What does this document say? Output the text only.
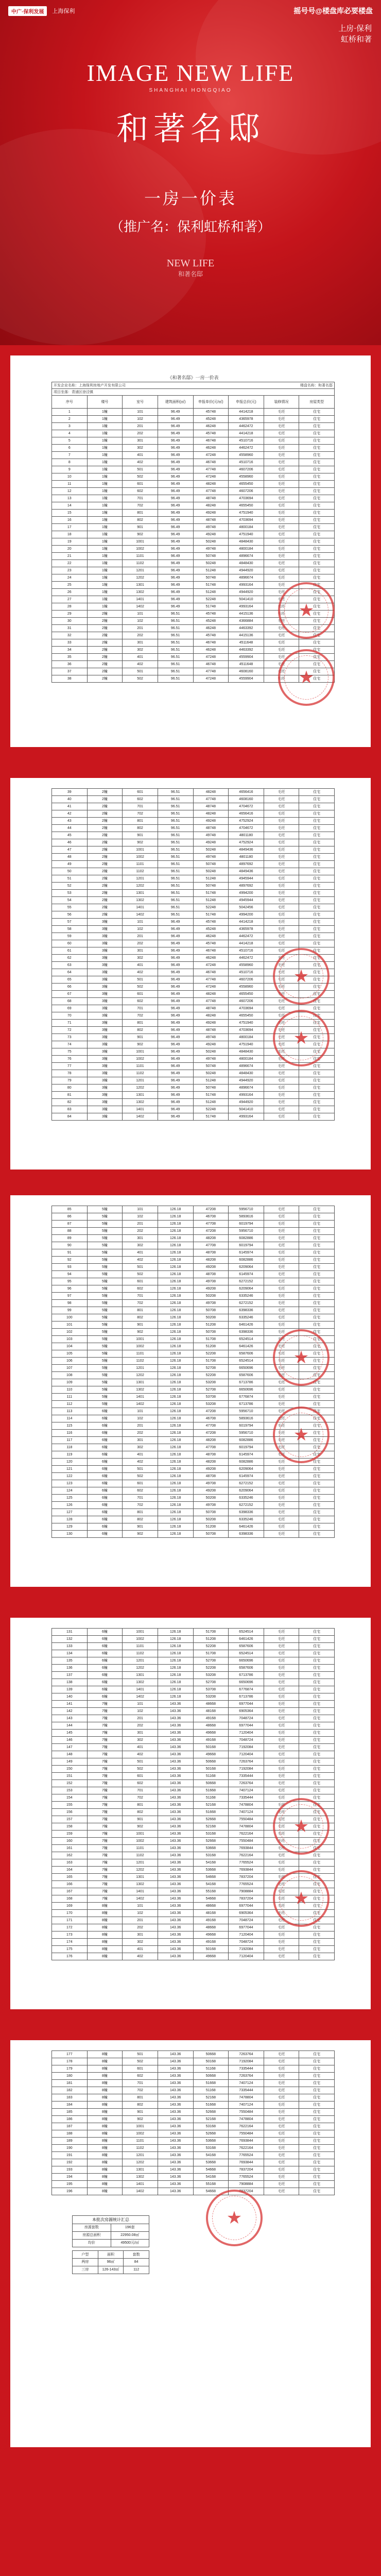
中广·保利发展	上海保利	摇号号@楼盘库必要楼盘
上房·保利
虹桥和著
IMAGE NEW LIFE
SHANGHAI HONGQIAO
和著名邸
一房一价表
（推广名：保利虹桥和著）
NEW LIFE
和著名邸
《和著名邸》一房一价表
开发企业名称：上海保利房地产开发有限公司	楼盘名称：和著名邸
项目坐落：青浦区徐泾镇
序号	楼号	室号	建筑面积(㎡)	申报单价(元/㎡)	申报总价(元)	装修情况	房屋类型
1	1幢	101	96.49	45748	4414218	毛坯	住宅
2	1幢	102	96.49	45248	4365978	毛坯	住宅
3	1幢	201	96.49	46248	4462472	毛坯	住宅
4	1幢	202	96.49	45748	4414218	毛坯	住宅
5	1幢	301	96.49	46748	4510716	毛坯	住宅
6	1幢	302	96.49	46248	4462472	毛坯	住宅
7	1幢	401	96.49	47248	4558960	毛坯	住宅
8	1幢	402	96.49	46748	4510716	毛坯	住宅
9	1幢	501	96.49	47748	4607206	毛坯	住宅
10	1幢	502	96.49	47248	4558960	毛坯	住宅
11	1幢	601	96.49	48248	4655450	毛坯	住宅
12	1幢	602	96.49	47748	4607206	毛坯	住宅
13	1幢	701	96.49	48748	4703694	毛坯	住宅
14	1幢	702	96.49	48248	4655450	毛坯	住宅
15	1幢	801	96.49	49248	4751940	毛坯	住宅
16	1幢	802	96.49	48748	4703694	毛坯	住宅
17	1幢	901	96.49	49748	4800184	毛坯	住宅
18	1幢	902	96.49	49248	4751940	毛坯	住宅
19	1幢	1001	96.49	50248	4848430	毛坯	住宅
20	1幢	1002	96.49	49748	4800184	毛坯	住宅
21	1幢	1101	96.49	50748	4896674	毛坯	住宅
22	1幢	1102	96.49	50248	4848430	毛坯	住宅
23	1幢	1201	96.49	51248	4944920	毛坯	住宅
24	1幢	1202	96.49	50748	4896674	毛坯	住宅
25	1幢	1301	96.49	51748	4993164	毛坯	住宅
26	1幢	1302	96.49	51248	4944920	毛坯	住宅
27	1幢	1401	96.49	52248	5041410	毛坯	住宅
28	1幢	1402	96.49	51748	4993164	毛坯	住宅
29	2幢	101	96.51	45748	4415136	毛坯	住宅
30	2幢	102	96.51	45248	4366884	毛坯	住宅
31	2幢	201	96.51	46248	4463392	毛坯	住宅
32	2幢	202	96.51	45748	4415136	毛坯	住宅
33	2幢	301	96.51	46748	4511648	毛坯	住宅
34	2幢	302	96.51	46248	4463392	毛坯	住宅
35	2幢	401	96.51	47248	4559904	毛坯	住宅
36	2幢	402	96.51	46748	4511648	毛坯	住宅
37	2幢	501	96.51	47748	4608160	毛坯	住宅
38	2幢	502	96.51	47248	4559904	毛坯	住宅
★
★
39	2幢	601	96.51	48248	4656416	毛坯	住宅
40	2幢	602	96.51	47748	4608160	毛坯	住宅
41	2幢	701	96.51	48748	4704672	毛坯	住宅
42	2幢	702	96.51	48248	4656416	毛坯	住宅
43	2幢	801	96.51	49248	4752924	毛坯	住宅
44	2幢	802	96.51	48748	4704672	毛坯	住宅
45	2幢	901	96.51	49748	4801180	毛坯	住宅
46	2幢	902	96.51	49248	4752924	毛坯	住宅
47	2幢	1001	96.51	50248	4849436	毛坯	住宅
48	2幢	1002	96.51	49748	4801180	毛坯	住宅
49	2幢	1101	96.51	50748	4897692	毛坯	住宅
50	2幢	1102	96.51	50248	4849436	毛坯	住宅
51	2幢	1201	96.51	51248	4945944	毛坯	住宅
52	2幢	1202	96.51	50748	4897692	毛坯	住宅
53	2幢	1301	96.51	51748	4994200	毛坯	住宅
54	2幢	1302	96.51	51248	4945944	毛坯	住宅
55	2幢	1401	96.51	52248	5042456	毛坯	住宅
56	2幢	1402	96.51	51748	4994200	毛坯	住宅
57	3幢	101	96.49	45748	4414218	毛坯	住宅
58	3幢	102	96.49	45248	4365978	毛坯	住宅
59	3幢	201	96.49	46248	4462472	毛坯	住宅
60	3幢	202	96.49	45748	4414218	毛坯	住宅
61	3幢	301	96.49	46748	4510716	毛坯	住宅
62	3幢	302	96.49	46248	4462472	毛坯	住宅
63	3幢	401	96.49	47248	4558960	毛坯	住宅
64	3幢	402	96.49	46748	4510716	毛坯	住宅
65	3幢	501	96.49	47748	4607206	毛坯	住宅
66	3幢	502	96.49	47248	4558960	毛坯	住宅
67	3幢	601	96.49	48248	4655450	毛坯	住宅
68	3幢	602	96.49	47748	4607206	毛坯	住宅
69	3幢	701	96.49	48748	4703694	毛坯	住宅
70	3幢	702	96.49	48248	4655450	毛坯	住宅
71	3幢	801	96.49	49248	4751940	毛坯	住宅
72	3幢	802	96.49	48748	4703694	毛坯	住宅
73	3幢	901	96.49	49748	4800184	毛坯	住宅
74	3幢	902	96.49	49248	4751940	毛坯	住宅
75	3幢	1001	96.49	50248	4848430	毛坯	住宅
76	3幢	1002	96.49	49748	4800184	毛坯	住宅
77	3幢	1101	96.49	50748	4896674	毛坯	住宅
78	3幢	1102	96.49	50248	4848430	毛坯	住宅
79	3幢	1201	96.49	51248	4944920	毛坯	住宅
80	3幢	1202	96.49	50748	4896674	毛坯	住宅
81	3幢	1301	96.49	51748	4993164	毛坯	住宅
82	3幢	1302	96.49	51248	4944920	毛坯	住宅
83	3幢	1401	96.49	52248	5041410	毛坯	住宅
84	3幢	1402	96.49	51748	4993164	毛坯	住宅
★
★
85	5幢	101	126.18	47208	5956710	毛坯	住宅
86	5幢	102	126.18	46708	5893616	毛坯	住宅
87	5幢	201	126.18	47708	6019794	毛坯	住宅
88	5幢	202	126.18	47208	5956710	毛坯	住宅
89	5幢	301	126.18	48208	6082886	毛坯	住宅
90	5幢	302	126.18	47708	6019794	毛坯	住宅
91	5幢	401	126.18	48708	6145974	毛坯	住宅
92	5幢	402	126.18	48208	6082886	毛坯	住宅
93	5幢	501	126.18	49208	6209064	毛坯	住宅
94	5幢	502	126.18	48708	6145974	毛坯	住宅
95	5幢	601	126.18	49708	6272152	毛坯	住宅
96	5幢	602	126.18	49208	6209064	毛坯	住宅
97	5幢	701	126.18	50208	6335246	毛坯	住宅
98	5幢	702	126.18	49708	6272152	毛坯	住宅
99	5幢	801	126.18	50708	6398336	毛坯	住宅
100	5幢	802	126.18	50208	6335246	毛坯	住宅
101	5幢	901	126.18	51208	6461426	毛坯	住宅
102	5幢	902	126.18	50708	6398336	毛坯	住宅
103	5幢	1001	126.18	51708	6524514	毛坯	住宅
104	5幢	1002	126.18	51208	6461426	毛坯	住宅
105	5幢	1101	126.18	52208	6587606	毛坯	住宅
106	5幢	1102	126.18	51708	6524514	毛坯	住宅
107	5幢	1201	126.18	52708	6650696	毛坯	住宅
108	5幢	1202	126.18	52208	6587606	毛坯	住宅
109	5幢	1301	126.18	53208	6713786	毛坯	住宅
110	5幢	1302	126.18	52708	6650696	毛坯	住宅
111	5幢	1401	126.18	53708	6776874	毛坯	住宅
112	5幢	1402	126.18	53208	6713786	毛坯	住宅
113	6幢	101	126.18	47208	5956710	毛坯	住宅
114	6幢	102	126.18	46708	5893616	毛坯	住宅
115	6幢	201	126.18	47708	6019794	毛坯	住宅
116	6幢	202	126.18	47208	5956710	毛坯	住宅
117	6幢	301	126.18	48208	6082886	毛坯	住宅
118	6幢	302	126.18	47708	6019794	毛坯	住宅
119	6幢	401	126.18	48708	6145974	毛坯	住宅
120	6幢	402	126.18	48208	6082886	毛坯	住宅
121	6幢	501	126.18	49208	6209064	毛坯	住宅
122	6幢	502	126.18	48708	6145974	毛坯	住宅
123	6幢	601	126.18	49708	6272152	毛坯	住宅
124	6幢	602	126.18	49208	6209064	毛坯	住宅
125	6幢	701	126.18	50208	6335246	毛坯	住宅
126	6幢	702	126.18	49708	6272152	毛坯	住宅
127	6幢	801	126.18	50708	6398336	毛坯	住宅
128	6幢	802	126.18	50208	6335246	毛坯	住宅
129	6幢	901	126.18	51208	6461426	毛坯	住宅
130	6幢	902	126.18	50708	6398336	毛坯	住宅
★
★
131	6幢	1001	126.18	51708	6524514	毛坯	住宅
132	6幢	1002	126.18	51208	6461426	毛坯	住宅
133	6幢	1101	126.18	52208	6587606	毛坯	住宅
134	6幢	1102	126.18	51708	6524514	毛坯	住宅
135	6幢	1201	126.18	52708	6650696	毛坯	住宅
136	6幢	1202	126.18	52208	6587606	毛坯	住宅
137	6幢	1301	126.18	53208	6713786	毛坯	住宅
138	6幢	1302	126.18	52708	6650696	毛坯	住宅
139	6幢	1401	126.18	53708	6776874	毛坯	住宅
140	6幢	1402	126.18	53208	6713786	毛坯	住宅
141	7幢	101	143.36	48668	6977044	毛坯	住宅
142	7幢	102	143.36	48168	6905364	毛坯	住宅
143	7幢	201	143.36	49168	7048724	毛坯	住宅
144	7幢	202	143.36	48668	6977044	毛坯	住宅
145	7幢	301	143.36	49668	7120404	毛坯	住宅
146	7幢	302	143.36	49168	7048724	毛坯	住宅
147	7幢	401	143.36	50168	7192084	毛坯	住宅
148	7幢	402	143.36	49668	7120404	毛坯	住宅
149	7幢	501	143.36	50668	7263764	毛坯	住宅
150	7幢	502	143.36	50168	7192084	毛坯	住宅
151	7幢	601	143.36	51168	7335444	毛坯	住宅
152	7幢	602	143.36	50668	7263764	毛坯	住宅
153	7幢	701	143.36	51668	7407124	毛坯	住宅
154	7幢	702	143.36	51168	7335444	毛坯	住宅
155	7幢	801	143.36	52168	7478804	毛坯	住宅
156	7幢	802	143.36	51668	7407124	毛坯	住宅
157	7幢	901	143.36	52668	7550484	毛坯	住宅
158	7幢	902	143.36	52168	7478804	毛坯	住宅
159	7幢	1001	143.36	53168	7622164	毛坯	住宅
160	7幢	1002	143.36	52668	7550484	毛坯	住宅
161	7幢	1101	143.36	53668	7693844	毛坯	住宅
162	7幢	1102	143.36	53168	7622164	毛坯	住宅
163	7幢	1201	143.36	54168	7765524	毛坯	住宅
164	7幢	1202	143.36	53668	7693844	毛坯	住宅
165	7幢	1301	143.36	54668	7837204	毛坯	住宅
166	7幢	1302	143.36	54168	7765524	毛坯	住宅
167	7幢	1401	143.36	55168	7908884	毛坯	住宅
168	7幢	1402	143.36	54668	7837204	毛坯	住宅
169	8幢	101	143.36	48668	6977044	毛坯	住宅
170	8幢	102	143.36	48168	6905364	毛坯	住宅
171	8幢	201	143.36	49168	7048724	毛坯	住宅
172	8幢	202	143.36	48668	6977044	毛坯	住宅
173	8幢	301	143.36	49668	7120404	毛坯	住宅
174	8幢	302	143.36	49168	7048724	毛坯	住宅
175	8幢	401	143.36	50168	7192084	毛坯	住宅
176	8幢	402	143.36	49668	7120404	毛坯	住宅
★
★
177	8幢	501	143.36	50668	7263764	毛坯	住宅
178	8幢	502	143.36	50168	7192084	毛坯	住宅
179	8幢	601	143.36	51168	7335444	毛坯	住宅
180	8幢	602	143.36	50668	7263764	毛坯	住宅
181	8幢	701	143.36	51668	7407124	毛坯	住宅
182	8幢	702	143.36	51168	7335444	毛坯	住宅
183	8幢	801	143.36	52168	7478804	毛坯	住宅
184	8幢	802	143.36	51668	7407124	毛坯	住宅
185	8幢	901	143.36	52668	7550484	毛坯	住宅
186	8幢	902	143.36	52168	7478804	毛坯	住宅
187	8幢	1001	143.36	53168	7622164	毛坯	住宅
188	8幢	1002	143.36	52668	7550484	毛坯	住宅
189	8幢	1101	143.36	53668	7693844	毛坯	住宅
190	8幢	1102	143.36	53168	7622164	毛坯	住宅
191	8幢	1201	143.36	54168	7765524	毛坯	住宅
192	8幢	1202	143.36	53668	7693844	毛坯	住宅
193	8幢	1301	143.36	54668	7837204	毛坯	住宅
194	8幢	1302	143.36	54168	7765524	毛坯	住宅
195	8幢	1401	143.36	55168	7908884	毛坯	住宅
196	8幢	1402	143.36	54668	7837204	毛坯	住宅
本批次房源统计汇总
房源套数	196套
房源总面积	22950.08㎡
均价	49500元/㎡
户型	面积	套数
两房	96㎡	84
三房	126-143㎡	112
★
